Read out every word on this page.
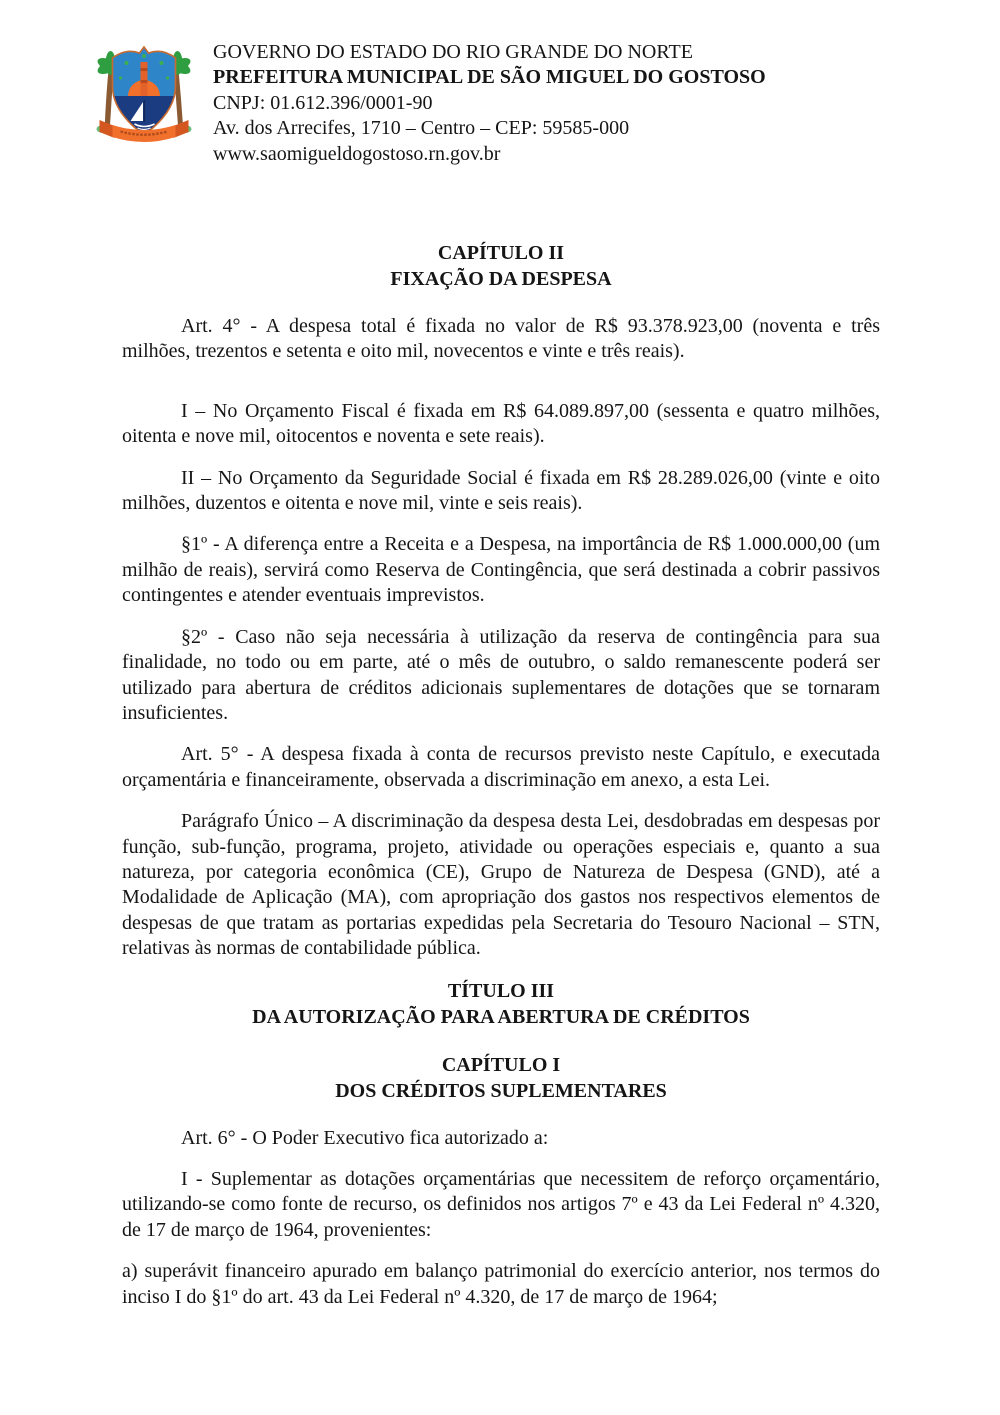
GOVERNO DO ESTADO DO RIO GRANDE DO NORTE
PREFEITURA MUNICIPAL DE SÃO MIGUEL DO GOSTOSO
CNPJ: 01.612.396/0001-90
Av. dos Arrecifes, 1710 – Centro – CEP: 59585-000
www.saomigueldogostoso.rn.gov.br
CAPÍTULO II
FIXAÇÃO DA DESPESA

Art. 4° - A despesa total é fixada no valor de R$ 93.378.923,00 (noventa e três milhões, trezentos e setenta e oito mil, novecentos e vinte e três reais).

I – No Orçamento Fiscal é fixada em R$ 64.089.897,00 (sessenta e quatro milhões, oitenta e nove mil, oitocentos e noventa e sete reais).

II – No Orçamento da Seguridade Social é fixada em R$ 28.289.026,00 (vinte e oito milhões, duzentos e oitenta e nove mil, vinte e seis reais).

§1º - A diferença entre a Receita e a Despesa, na importância de R$ 1.000.000,00 (um milhão de reais), servirá como Reserva de Contingência, que será destinada a cobrir passivos contingentes e atender eventuais imprevistos.

§2º - Caso não seja necessária à utilização da reserva de contingência para sua finalidade, no todo ou em parte, até o mês de outubro, o saldo remanescente poderá ser utilizado para abertura de créditos adicionais suplementares de dotações que se tornaram insuficientes.

Art. 5° - A despesa fixada à conta de recursos previsto neste Capítulo, e executada orçamentária e financeiramente, observada a discriminação em anexo, a esta Lei.

Parágrafo Único – A discriminação da despesa desta Lei, desdobradas em despesas por função, sub-função, programa, projeto, atividade ou operações especiais e, quanto a sua natureza, por categoria econômica (CE), Grupo de Natureza de Despesa (GND), até a Modalidade de Aplicação (MA), com apropriação dos gastos nos respectivos elementos de despesas de que tratam as portarias expedidas pela Secretaria do Tesouro Nacional – STN, relativas às normas de contabilidade pública.

TÍTULO III
DA AUTORIZAÇÃO PARA ABERTURA DE CRÉDITOS
CAPÍTULO I
DOS CRÉDITOS SUPLEMENTARES

Art. 6° - O Poder Executivo fica autorizado a:

I - Suplementar as dotações orçamentárias que necessitem de reforço orçamentário, utilizando-se como fonte de recurso, os definidos nos artigos 7º e 43 da Lei Federal nº 4.320, de 17 de março de 1964, provenientes:

a) superávit financeiro apurado em balanço patrimonial do exercício anterior, nos termos do inciso I do §1º do art. 43 da Lei Federal nº 4.320, de 17 de março de 1964;
